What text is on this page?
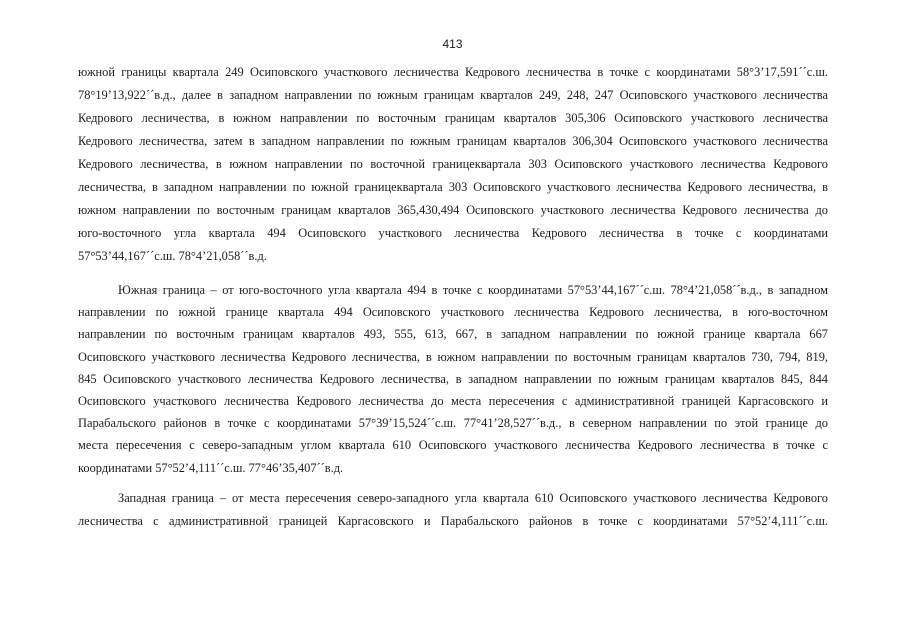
413
южной границы квартала 249 Осиповского участкового лесничества Кедрового лесничества в точке с координатами 58°3’17,591´´с.ш.
78°19’13,922´´в.д., далее в западном направлении по южным границам кварталов 249, 248, 247 Осиповского участкового лесничества
Кедрового лесничества, в южном направлении по восточным границам кварталов 305,306 Осиповского участкового лесничества
Кедрового лесничества, затем в западном направлении по южным границам кварталов 306,304 Осиповского участкового лесничества
Кедрового лесничества, в южном направлении по восточной границеквартала 303 Осиповского участкового лесничества Кедрового
лесничества, в западном направлении по южной границеквартала 303 Осиповского участкового лесничества Кедрового лесничества, в
южном направлении по восточным границам кварталов 365,430,494 Осиповского участкового лесничества Кедрового лесничества до
юго-восточного угла квартала 494 Осиповского участкового лесничества Кедрового лесничества в точке с координатами
57°53’44,167´´с.ш. 78°4’21,058´´в.д.
Южная граница – от юго-восточного угла квартала 494 в точке с координатами 57°53’44,167´´с.ш. 78°4’21,058´´в.д., в западном
направлении по южной границе квартала 494 Осиповского участкового лесничества Кедрового лесничества, в юго-восточном
направлении по восточным границам кварталов 493, 555, 613, 667, в западном направлении по южной границе квартала 667
Осиповского участкового лесничества Кедрового лесничества, в южном направлении по восточным границам кварталов 730, 794, 819,
845 Осиповского участкового лесничества Кедрового лесничества, в западном направлении по южным границам кварталов 845, 844
Осиповского участкового лесничества Кедрового лесничества до места пересечения с административной границей Каргасовского и
Парабальского районов в точке с координатами 57°39’15,524´´с.ш. 77°41’28,527´´в.д., в северном направлении по этой границе до
места пересечения с северо-западным углом квартала 610 Осиповского участкового лесничества Кедрового лесничества в точке с
координатами 57°52’4,111´´с.ш. 77°46’35,407´´в.д.
Западная граница – от места пересечения северо-западного угла квартала 610 Осиповского участкового лесничества Кедрового
лесничества с административной границей Каргасовского и Парабальского районов в точке с координатами 57°52’4,111´´с.ш.
